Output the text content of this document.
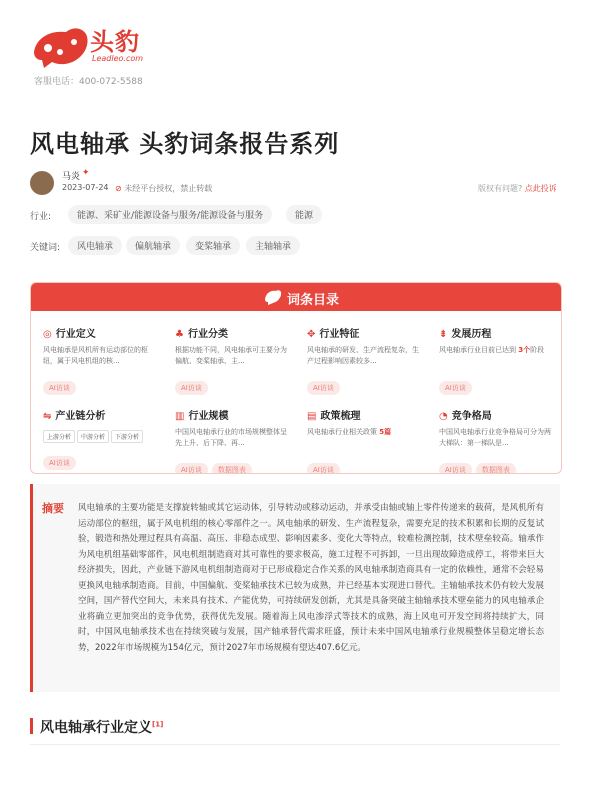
头豹
Leadleo.com
客服电话：400-072-5588
风电轴承 头豹词条报告系列
马炎 ✦
2023-07-24 ⊘ 未经平台授权，禁止转载	版权有问题? 点此投诉
行业:	能源、采矿业/能源设备与服务/能源设备与服务	能源
关键词:	风电轴承	偏航轴承	变桨轴承	主轴轴承
词条目录
◎ 行业定义
风电轴承是风机所有运动部位的枢纽，属于风电机组的核...
AI访谈
♣ 行业分类
根据功能不同，风电轴承可主要分为偏航、变桨轴承、主...
AI访谈
✥ 行业特征
风电轴承的研发、生产流程复杂，生产过程影响因素较多...
AI访谈
⇟ 发展历程
风电轴承行业目前已达到 3个阶段
AI访谈
⇋ 产业链分析
上游分析 中游分析 下游分析
AI访谈
▥ 行业规模
中国风电轴承行业的市场规模整体呈先上升、后下降、再...
AI访谈 数据图表
▤ 政策梳理
风电轴承行业相关政策 5篇
AI访谈
◔ 竞争格局
中国风电轴承行业竞争格局可分为两大梯队：第一梯队是...
AI访谈 数据图表
摘要 风电轴承的主要功能是支撑旋转轴或其它运动体，引导转动或移动运动，并承受由轴或轴上零件传递来的载荷，是风机所有运动部位的枢纽，属于风电机组的核心零部件之一。风电轴承的研发、生产流程复杂，需要充足的技术积累和长期的反复试验，锻造和热处理过程具有高温、高压、非稳态成型、影响因素多、变化大等特点，较难检测控制，技术壁垒较高。轴承作为风电机组基础零部件，风电机组制造商对其可靠性的要求极高，施工过程不可拆卸，一旦出现故障造成停工，将带来巨大经济损失，因此，产业链下游风电机组制造商对于已形成稳定合作关系的风电轴承制造商具有一定的依赖性，通常不会轻易更换风电轴承制造商。目前，中国偏航、变桨轴承技术已较为成熟，并已经基本实现进口替代。主轴轴承技术仍有较大发展空间，国产替代空间大，未来具有技术、产能优势，可持续研发创新，尤其是具备突破主轴轴承技术壁垒能力的风电轴承企业将确立更加突出的竞争优势，获得优先发展。随着海上风电渗浮式等技术的成熟，海上风电可开发空间将持续扩大，同时，中国风电轴承技术也在持续突破与发展，国产轴承替代需求旺盛，预计未来中国风电轴承行业规模整体呈稳定增长态势，2022年市场规模为154亿元，预计2027年市场规模有望达407.6亿元。
风电轴承行业定义[1]
